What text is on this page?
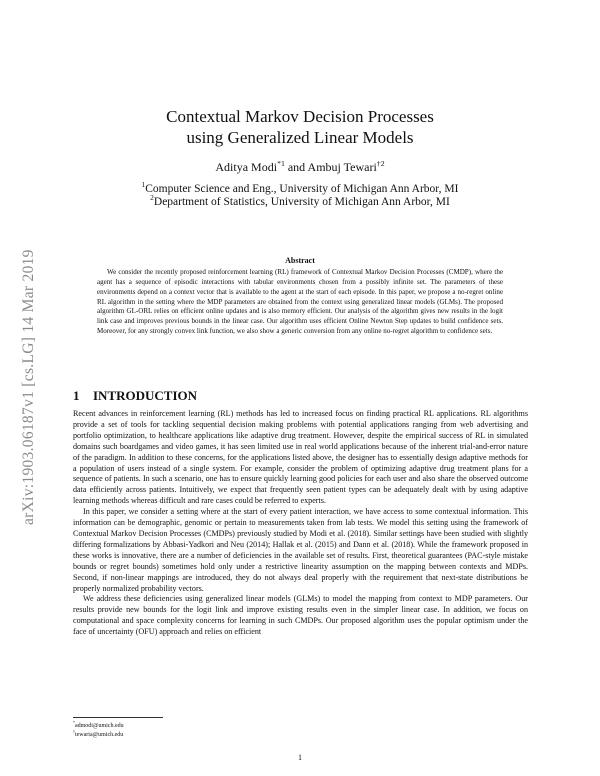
arXiv:1903.06187v1 [cs.LG] 14 Mar 2019
Contextual Markov Decision Processes
using Generalized Linear Models
Aditya Modi$^{*1}$ and Ambuj Tewari$^{\dagger 2}$
$^1$Computer Science and Eng., University of Michigan Ann Arbor, MI
$^2$Department of Statistics, University of Michigan Ann Arbor, MI
Abstract

We consider the recently proposed reinforcement learning (RL) framework of Contextual Markov Decision Processes (CMDP), where the agent has a sequence of episodic interactions with tabular environments chosen from a possibly infinite set. The parameters of these environments depend on a context vector that is available to the agent at the start of each episode. In this paper, we propose a no-regret online RL algorithm in the setting where the MDP parameters are obtained from the context using generalized linear models (GLMs). The proposed algorithm GL-ORL relies on efficient online updates and is also memory efficient. Our analysis of the algorithm gives new results in the logit link case and improves previous bounds in the linear case. Our algorithm uses efficient Online Newton Step updates to build confidence sets. Moreover, for any strongly convex link function, we also show a generic conversion from any online no-regret algorithm to confidence sets.

1 INTRODUCTION

Recent advances in reinforcement learning (RL) methods has led to increased focus on finding practical RL applications. RL algorithms provide a set of tools for tackling sequential decision making problems with potential applications ranging from web advertising and portfolio optimization, to healthcare applications like adaptive drug treatment. However, despite the empirical success of RL in simulated domains such boardgames and video games, it has seen limited use in real world applications because of the inherent trial-and-error nature of the paradigm. In addition to these concerns, for the applications listed above, the designer has to essentially design adaptive methods for a population of users instead of a single system. For example, consider the problem of optimizing adaptive drug treatment plans for a sequence of patients. In such a scenario, one has to ensure quickly learning good policies for each user and also share the observed outcome data efficiently across patients. Intuitively, we expect that frequently seen patient types can be adequately dealt with by using adaptive learning methods whereas difficult and rare cases could be referred to experts.

In this paper, we consider a setting where at the start of every patient interaction, we have access to some contextual information. This information can be demographic, genomic or pertain to measurements taken from lab tests. We model this setting using the framework of Contextual Markov Decision Processes (CMDPs) previously studied by Modi et al. (2018). Similar settings have been studied with slightly differing formalizations by Abbasi-Yadkori and Neu (2014); Hallak et al. (2015) and Dann et al. (2018). While the framework proposed in these works is innovative, there are a number of deficiencies in the available set of results. First, theoretical guarantees (PAC-style mistake bounds or regret bounds) sometimes hold only under a restrictive linearity assumption on the mapping between contexts and MDPs. Second, if non-linear mappings are introduced, they do not always deal properly with the requirement that next-state distributions be properly normalized probability vectors.

We address these deficiencies using generalized linear models (GLMs) to model the mapping from context to MDP parameters. Our results provide new bounds for the logit link and improve existing results even in the simpler linear case. In addition, we focus on computational and space complexity concerns for learning in such CMDPs. Our proposed algorithm uses the popular optimism under the face of uncertainty (OFU) approach and relies on efficient

*admodi@umich.edu
†tewaria@umich.edu
1
